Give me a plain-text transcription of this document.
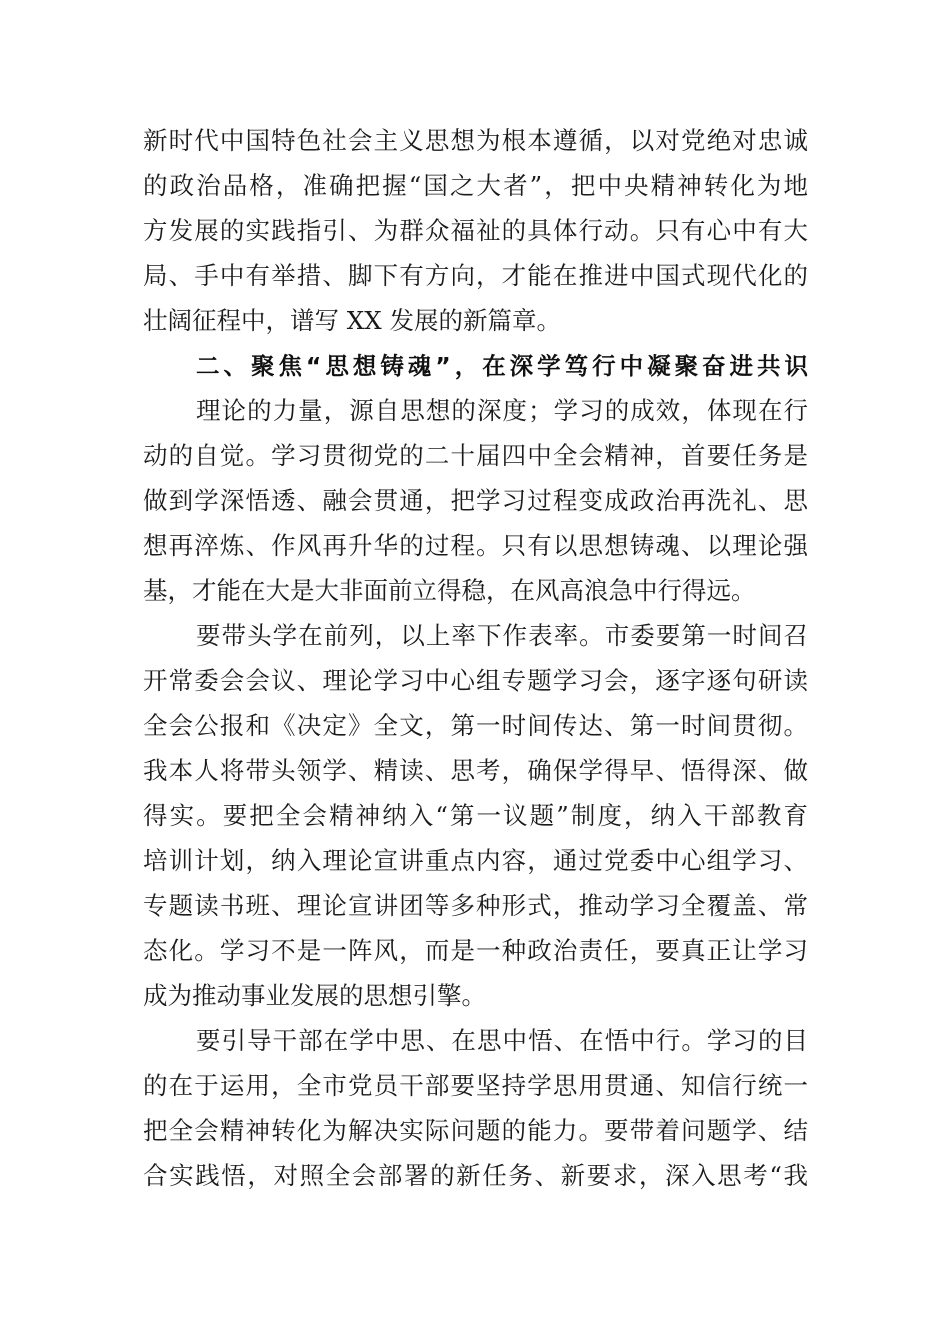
新时代中国特色社会主义思想为根本遵循，以对党绝对忠诚
的政治品格，准确把握“国之大者”，把中央精神转化为地
方发展的实践指引、为群众福祉的具体行动。只有心中有大
局、手中有举措、脚下有方向，才能在推进中国式现代化的
壮阔征程中，谱写 XX 发展的新篇章。
二、聚焦“思想铸魂”，在深学笃行中凝聚奋进共识
理论的力量，源自思想的深度；学习的成效，体现在行
动的自觉。学习贯彻党的二十届四中全会精神，首要任务是
做到学深悟透、融会贯通，把学习过程变成政治再洗礼、思
想再淬炼、作风再升华的过程。只有以思想铸魂、以理论强
基，才能在大是大非面前立得稳，在风高浪急中行得远。
要带头学在前列，以上率下作表率。市委要第一时间召
开常委会会议、理论学习中心组专题学习会，逐字逐句研读
全会公报和《决定》全文，第一时间传达、第一时间贯彻。
我本人将带头领学、精读、思考，确保学得早、悟得深、做
得实。要把全会精神纳入“第一议题”制度，纳入干部教育
培训计划，纳入理论宣讲重点内容，通过党委中心组学习、
专题读书班、理论宣讲团等多种形式，推动学习全覆盖、常
态化。学习不是一阵风，而是一种政治责任，要真正让学习
成为推动事业发展的思想引擎。
要引导干部在学中思、在思中悟、在悟中行。学习的目
的在于运用，全市党员干部要坚持学思用贯通、知信行统一
把全会精神转化为解决实际问题的能力。要带着问题学、结
合实践悟，对照全会部署的新任务、新要求，深入思考“我
